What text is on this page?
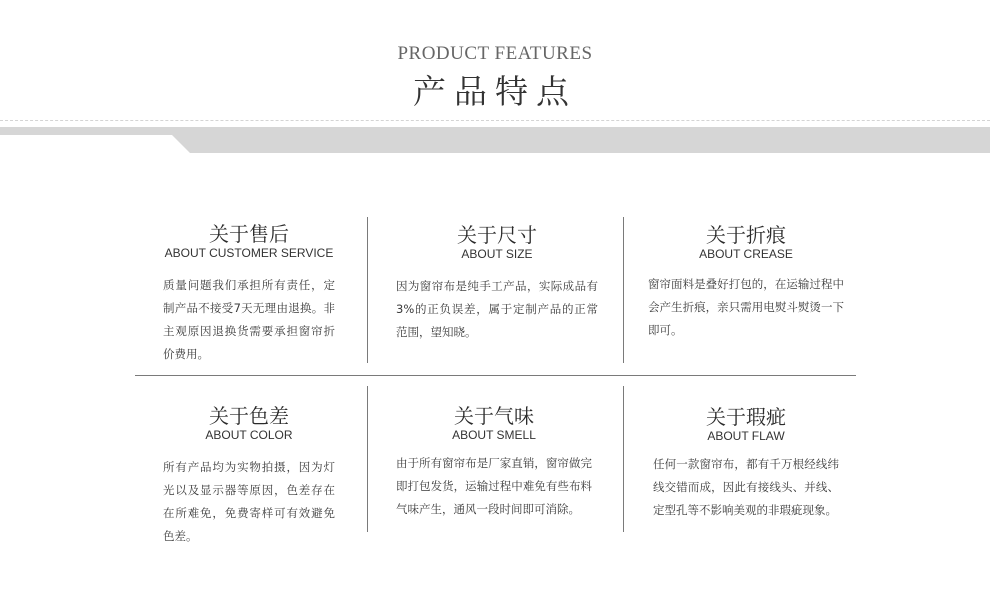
PRODUCT FEATURES
产品特点
关于售后
ABOUT CUSTOMER SERVICE
质量问题我们承担所有责任，定制产品不接受7天无理由退换。非主观原因退换货需要承担窗帘折价费用。
关于尺寸
ABOUT SIZE
因为窗帘布是纯手工产品，实际成品有3%的正负误差，属于定制产品的正常范围，望知晓。
关于折痕
ABOUT CREASE
窗帘面料是叠好打包的，在运输过程中会产生折痕，亲只需用电熨斗熨烫一下即可。
关于色差
ABOUT COLOR
所有产品均为实物拍摄，因为灯光以及显示器等原因，色差存在在所难免，免费寄样可有效避免色差。
关于气味
ABOUT SMELL
由于所有窗帘布是厂家直销，窗帘做完即打包发货，运输过程中难免有些布料气味产生，通风一段时间即可消除。
关于瑕疵
ABOUT FLAW
任何一款窗帘布，都有千万根经线纬线交错而成，因此有接线头、并线、定型孔等不影响美观的非瑕疵现象。
